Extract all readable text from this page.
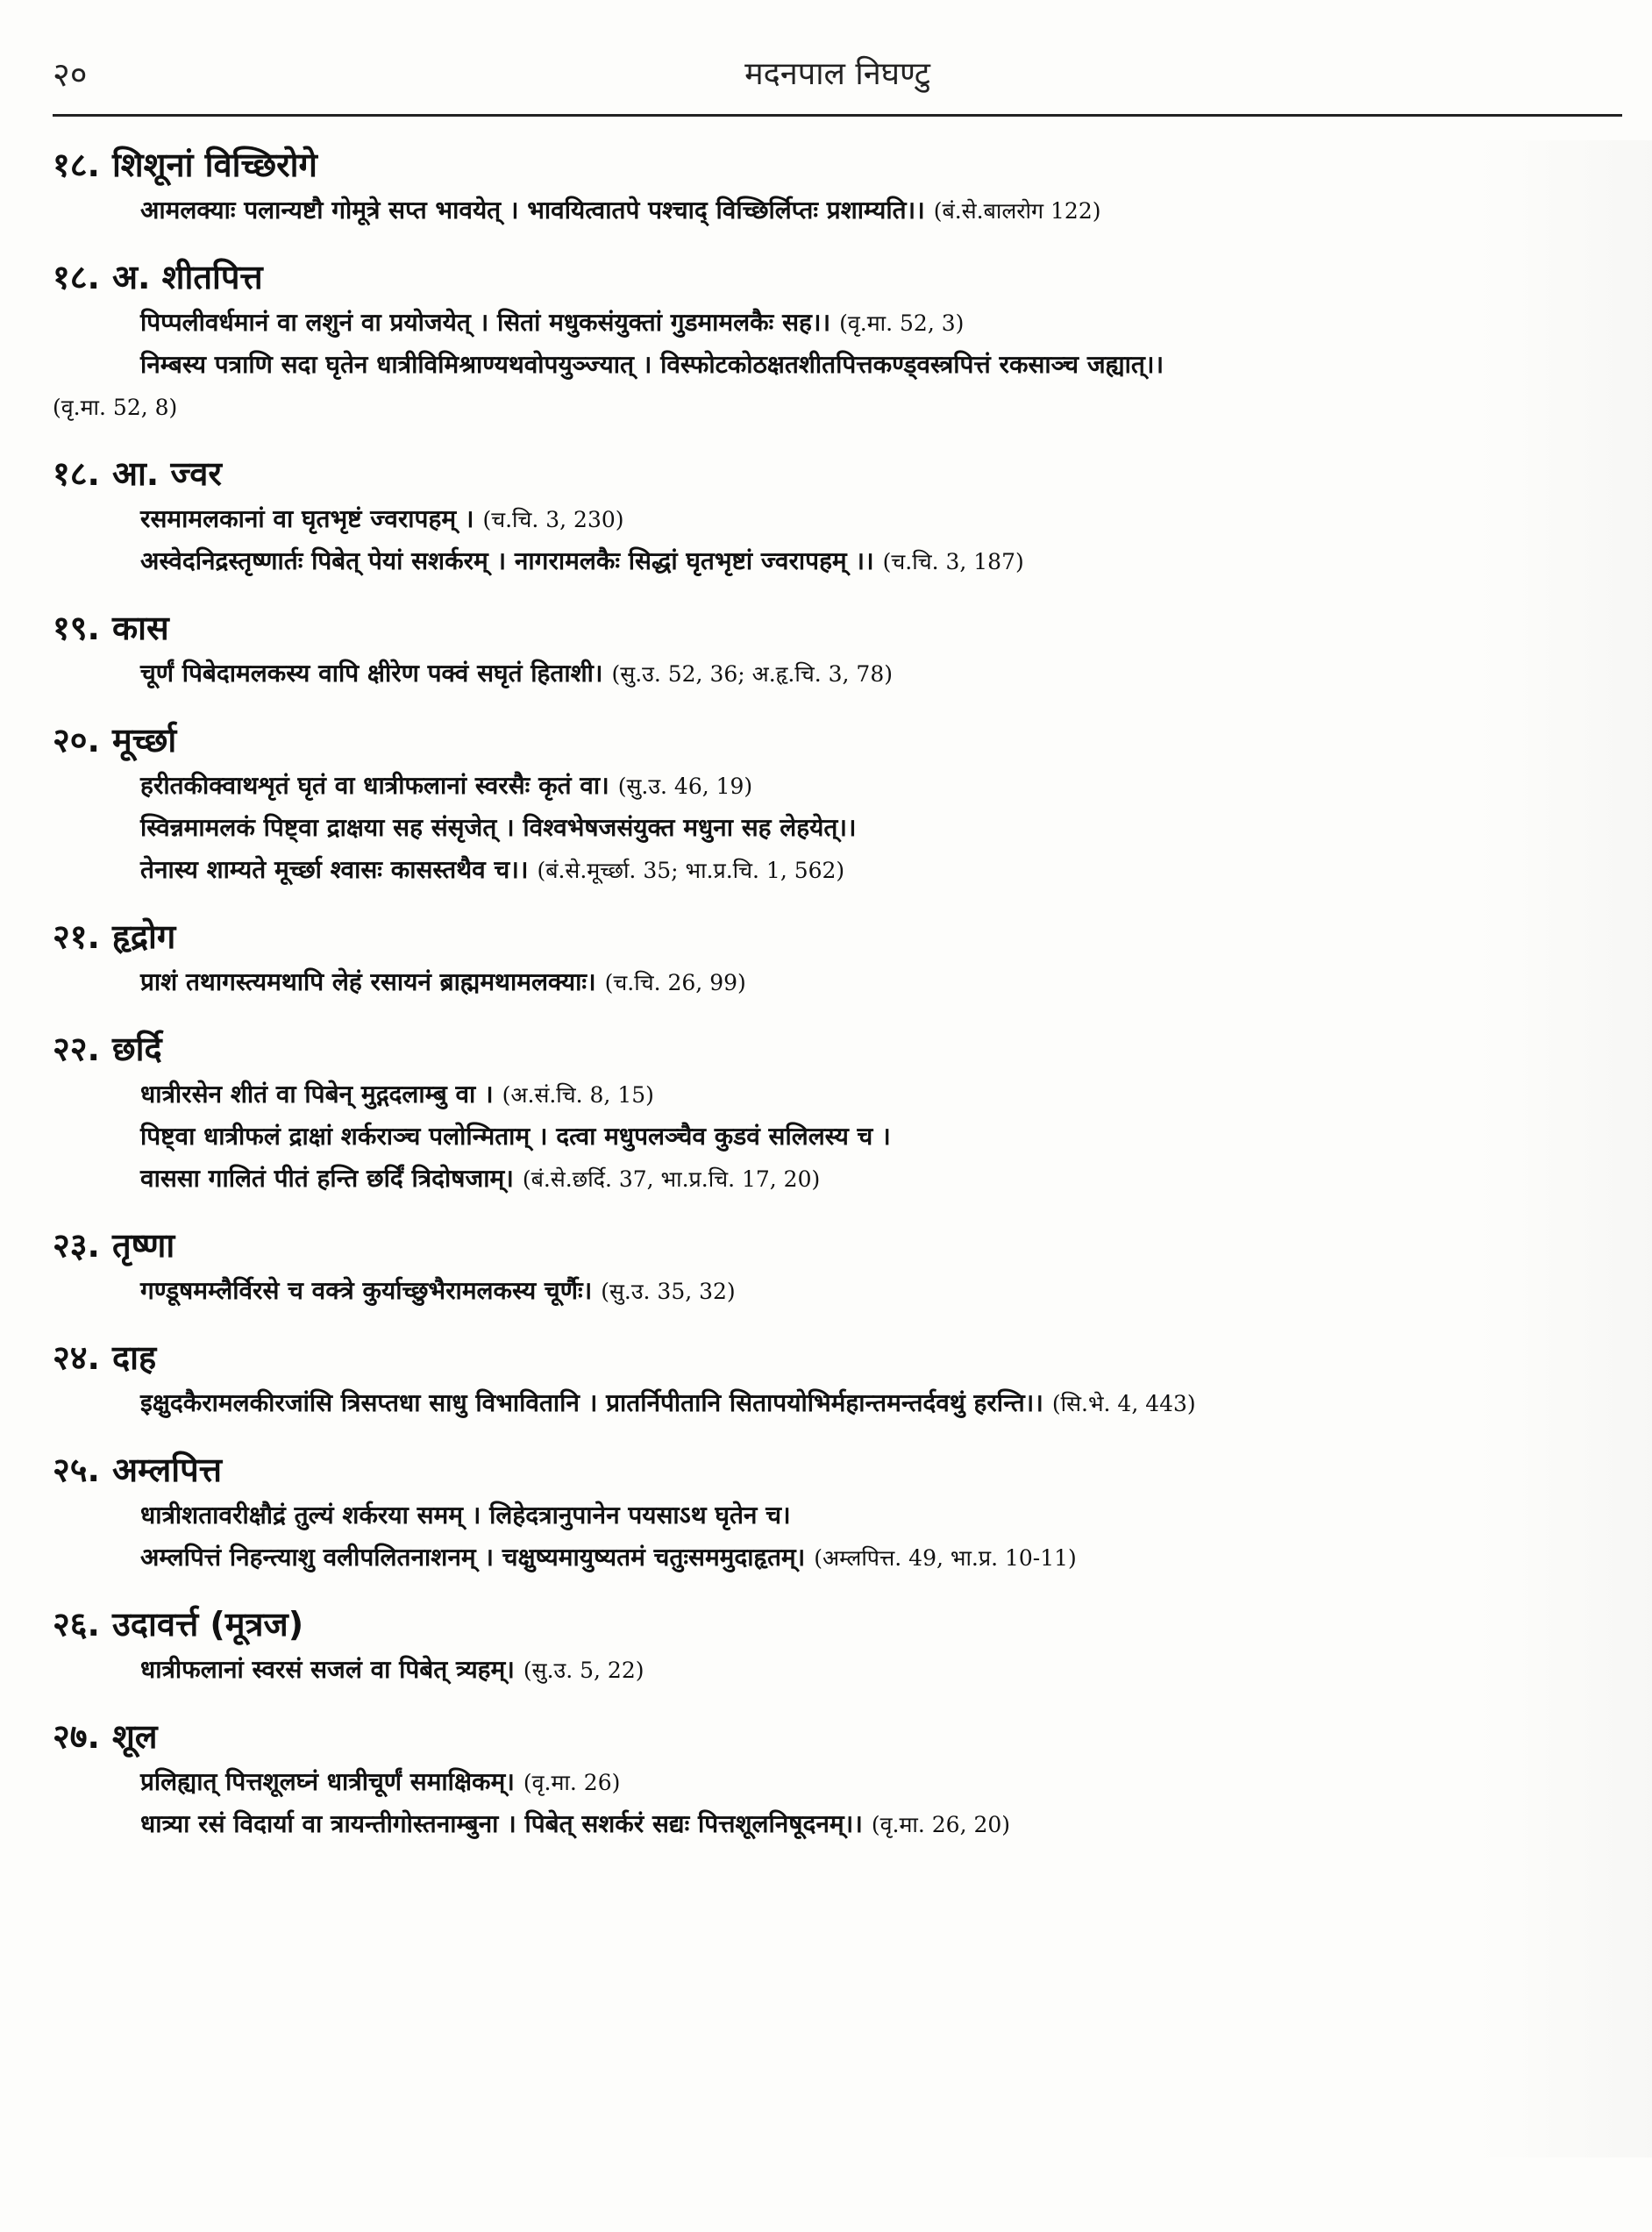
२०	मदनपाल निघण्टु
१८. शिशूनां विच्छिरोगे
आमलक्याः पलान्यष्टौ गोमूत्रे सप्त भावयेत् । भावयित्वातपे पश्चाद् विच्छिर्लिप्तः प्रशाम्यति।। (बं.से.बालरोग 122)
१८. अ. शीतपित्त
पिप्पलीवर्धमानं वा लशुनं वा प्रयोजयेत् । सितां मधुकसंयुक्तां गुडमामलकैः सह।। (वृ.मा. 52, 3)
निम्बस्य पत्राणि सदा घृतेन धात्रीविमिश्राण्यथवोपयुञ्ज्यात् । विस्फोटकोठक्षतशीतपित्तकण्ड्वस्त्रपित्तं रकसाञ्च जह्यात्।।
(वृ.मा. 52, 8)
१८. आ. ज्वर
रसमामलकानां वा घृतभृष्टं ज्वरापहम् । (च.चि. 3, 230)
अस्वेदनिद्रस्तृष्णार्तः पिबेत् पेयां सशर्करम् । नागरामलकैः सिद्धां घृतभृष्टां ज्वरापहम् ।। (च.चि. 3, 187)
१९. कास
चूर्णं पिबेदामलकस्य वापि क्षीरेण पक्वं सघृतं हिताशी। (सु.उ. 52, 36; अ.हृ.चि. 3, 78)
२०. मूर्च्छा
हरीतकीक्वाथशृतं घृतं वा धात्रीफलानां स्वरसैः कृतं वा। (सु.उ. 46, 19)
स्विन्नमामलकं पिष्ट्वा द्राक्षया सह संसृजेत् । विश्वभेषजसंयुक्त मधुना सह लेहयेत्।।
तेनास्य शाम्यते मूर्च्छा श्वासः कासस्तथैव च।। (बं.से.मूर्च्छा. 35; भा.प्र.चि. 1, 562)
२१. हृद्रोग
प्राशं तथागस्त्यमथापि लेहं रसायनं ब्राह्ममथामलक्याः। (च.चि. 26, 99)
२२. छर्दि
धात्रीरसेन शीतं वा पिबेन् मुद्गदलाम्बु वा । (अ.सं.चि. 8, 15)
पिष्ट्वा धात्रीफलं द्राक्षां शर्कराञ्च पलोन्मिताम् । दत्वा मधुपलञ्चैव कुडवं सलिलस्य च ।
वाससा गालितं पीतं हन्ति छर्दिं त्रिदोषजाम्। (बं.से.छर्दि. 37, भा.प्र.चि. 17, 20)
२३. तृष्णा
गण्डूषमम्लैर्विरसे च वक्त्रे कुर्याच्छुभैरामलकस्य चूर्णैः। (सु.उ. 35, 32)
२४. दाह
इक्षुदकैरामलकीरजांसि त्रिसप्तधा साधु विभावितानि । प्रातर्निपीतानि सितापयोभिर्महान्तमन्तर्दवथुं हरन्ति।। (सि.भे. 4, 443)
२५. अम्लपित्त
धात्रीशतावरीक्षौद्रं तुल्यं शर्करया समम् । लिहेदत्रानुपानेन पयसाऽथ घृतेन च।
अम्लपित्तं निहन्त्याशु वलीपलितनाशनम् । चक्षुष्यमायुष्यतमं चतुःसममुदाहृतम्। (अम्लपित्त. 49, भा.प्र. 10-11)
२६. उदावर्त्त (मूत्रज)
धात्रीफलानां स्वरसं सजलं वा पिबेत् त्र्यहम्। (सु.उ. 5, 22)
२७. शूल
प्रलिह्यात् पित्तशूलघ्नं धात्रीचूर्णं समाक्षिकम्। (वृ.मा. 26)
धात्र्या रसं विदार्या वा त्रायन्तीगोस्तनाम्बुना । पिबेत् सशर्करं सद्यः पित्तशूलनिषूदनम्।। (वृ.मा. 26, 20)
